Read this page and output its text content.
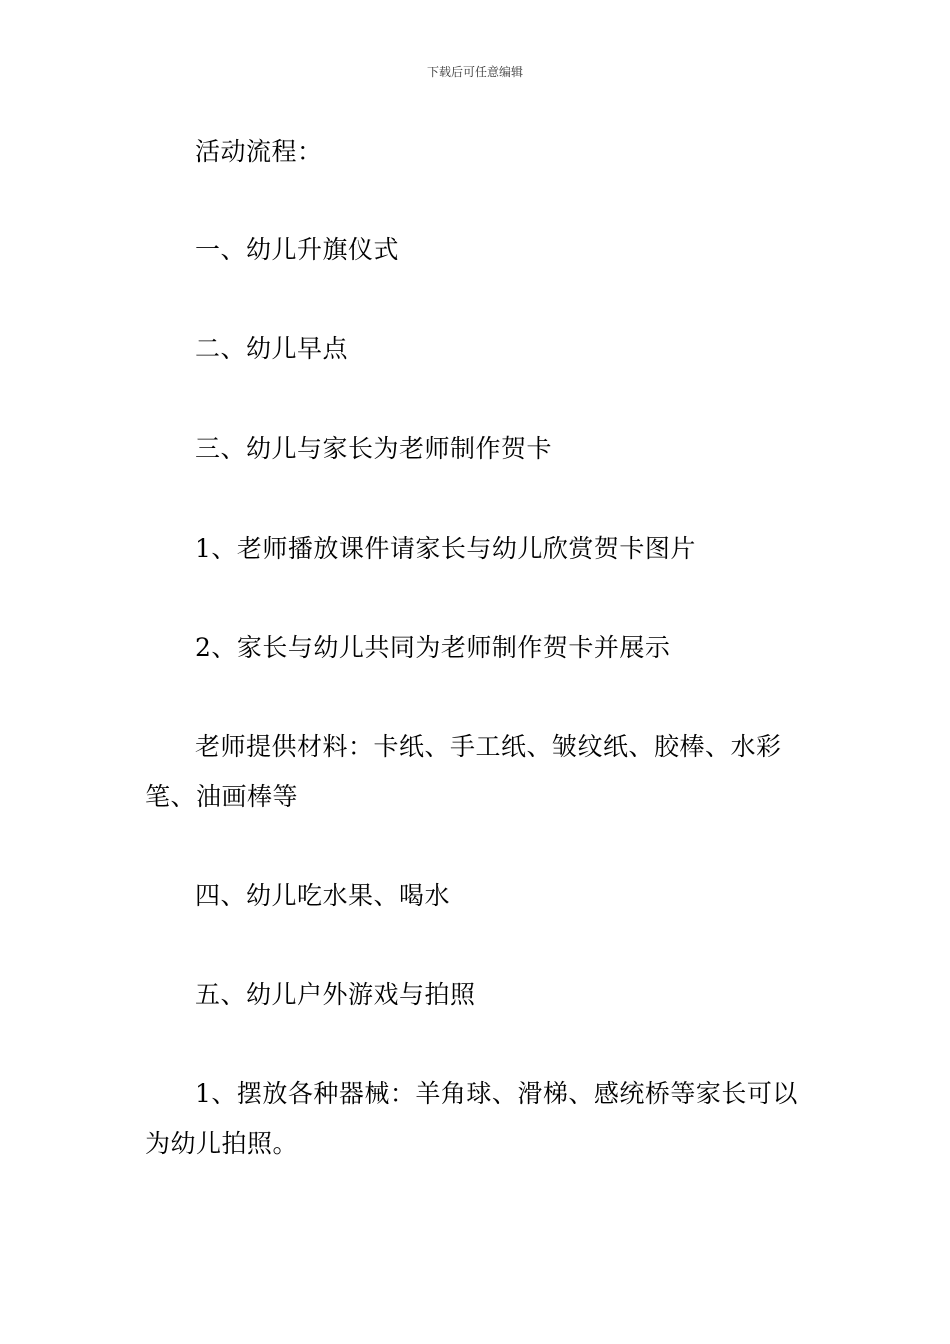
下载后可任意编辑

活动流程：

一、幼儿升旗仪式

二、幼儿早点

三、幼儿与家长为老师制作贺卡

1、老师播放课件请家长与幼儿欣赏贺卡图片

2、家长与幼儿共同为老师制作贺卡并展示

老师提供材料：卡纸、手工纸、皱纹纸、胶棒、水彩笔、油画棒等

四、幼儿吃水果、喝水

五、幼儿户外游戏与拍照

1、摆放各种器械：羊角球、滑梯、感统桥等家长可以为幼儿拍照。
